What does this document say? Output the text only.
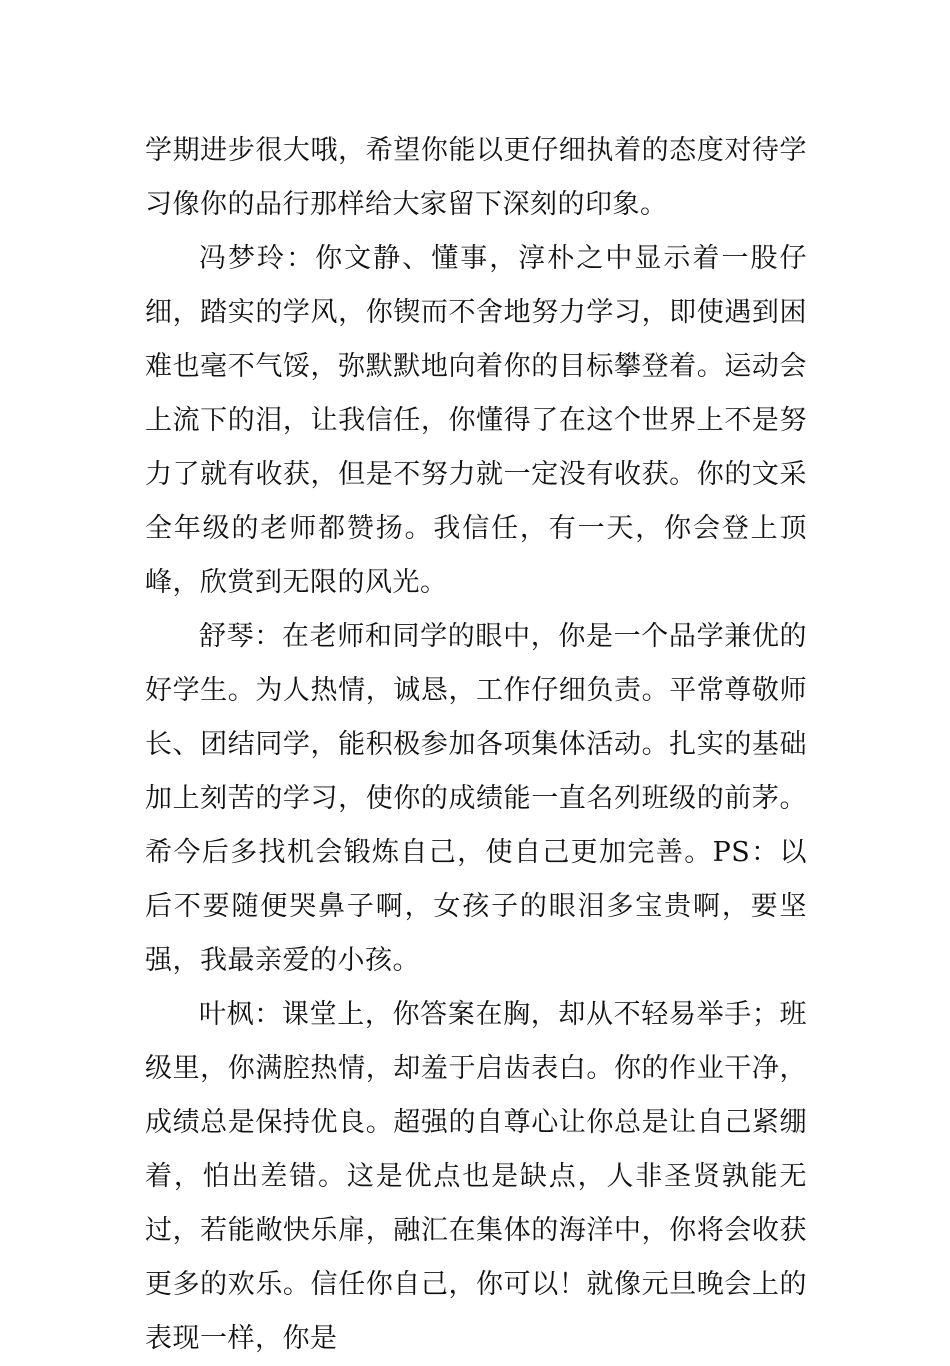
学期进步很大哦，希望你能以更仔细执着的态度对待学习像你的品行那样给大家留下深刻的印象。

冯梦玲：你文静、懂事，淳朴之中显示着一股仔细，踏实的学风，你锲而不舍地努力学习，即使遇到困难也毫不气馁，弥默默地向着你的目标攀登着。运动会上流下的泪，让我信任，你懂得了在这个世界上不是努力了就有收获，但是不努力就一定没有收获。你的文采全年级的老师都赞扬。我信任，有一天，你会登上顶峰，欣赏到无限的风光。

舒琴：在老师和同学的眼中，你是一个品学兼优的好学生。为人热情，诚恳，工作仔细负责。平常尊敬师长、团结同学，能积极参加各项集体活动。扎实的基础加上刻苦的学习，使你的成绩能一直名列班级的前茅。希今后多找机会锻炼自己，使自己更加完善。PS：以后不要随便哭鼻子啊，女孩子的眼泪多宝贵啊，要坚强，我最亲爱的小孩。

叶枫：课堂上，你答案在胸，却从不轻易举手；班级里，你满腔热情，却羞于启齿表白。你的作业干净，成绩总是保持优良。超强的自尊心让你总是让自己紧绷着，怕出差错。这是优点也是缺点，人非圣贤孰能无过，若能敞快乐扉，融汇在集体的海洋中，你将会收获更多的欢乐。信任你自己，你可以！就像元旦晚会上的表现一样，你是
